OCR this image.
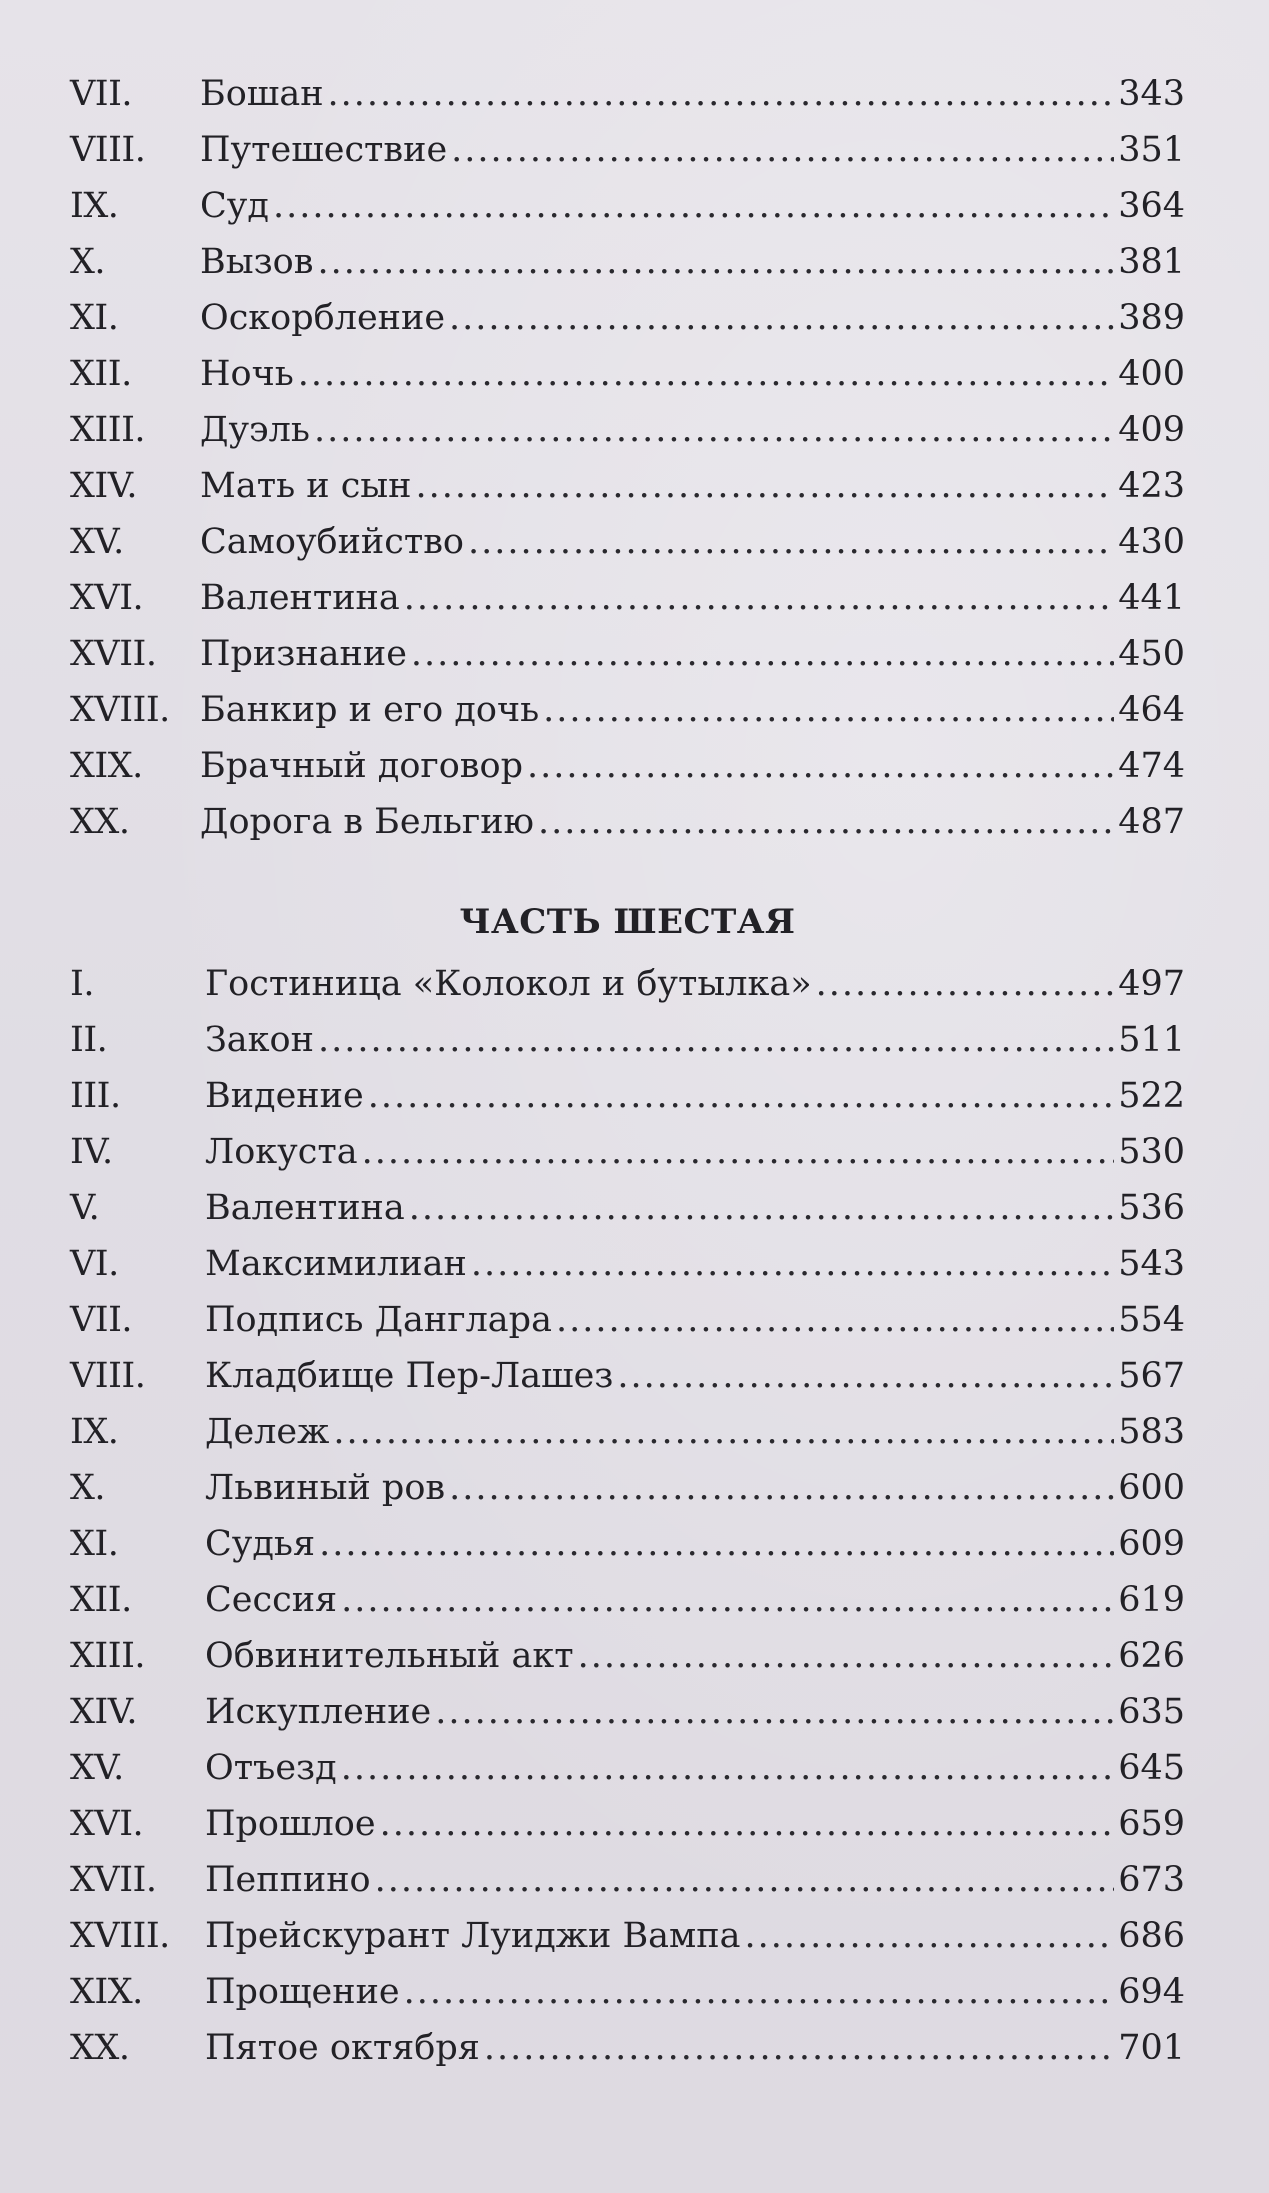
VII.	Бошан .....	343
VIII.	Путешествие .....	351
IX.	Суд .....	364
X.	Вызов .....	381
XI.	Оскорбление .....	389
XII.	Ночь .....	400
XIII.	Дуэль .....	409
XIV.	Мать и сын .....	423
XV.	Самоубийство .....	430
XVI.	Валентина .....	441
XVII.	Признание .....	450
XVIII. Банкир и его дочь .....	464
XIX.	Брачный договор .....	474
XX.	Дорога в Бельгию .....	487
ЧАСТЬ ШЕСТАЯ
I.	Гостиница «Колокол и бутылка» .....	497
II.	Закон .....	511
III.	Видение .....	522
IV.	Локуста .....	530
V.	Валентина .....	536
VI.	Максимилиан .....	543
VII.	Подпись Данглара .....	554
VIII.	Кладбище Пер-Лашез .....	567
IX.	Дележ .....	583
X.	Львиный ров .....	600
XI.	Судья .....	609
XII.	Сессия .....	619
XIII.	Обвинительный акт .....	626
XIV.	Искупление .....	635
XV.	Отъезд .....	645
XVI.	Прошлое .....	659
XVII.	Пеппино .....	673
XVIII.	Прейскурант Луиджи Вампа .....	686
XIX.	Прощение .....	694
XX.	Пятое октября .....	701
